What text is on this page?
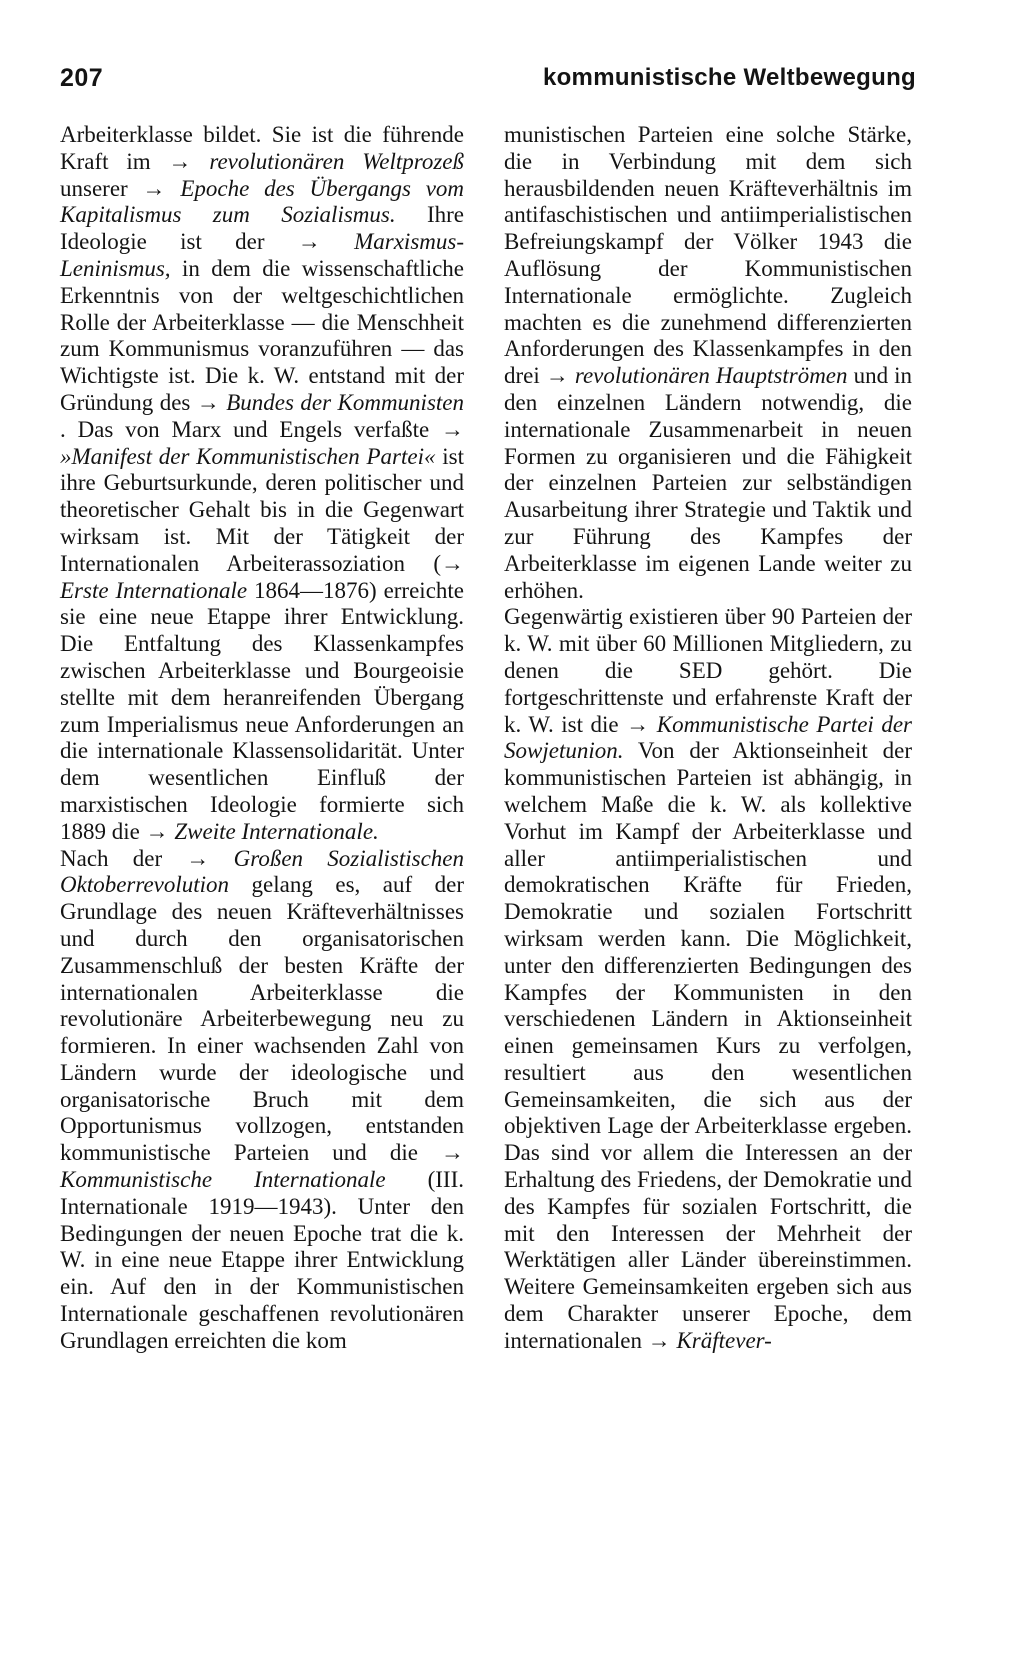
207	kommunistische Weltbewegung

Arbeiterklasse bildet. Sie ist die führende Kraft im → revolutionären Weltprozeß unserer → Epoche des Übergangs vom Kapitalismus zum Sozialismus. Ihre Ideologie ist der → Marxismus-Leninismus, in dem die wissenschaftliche Erkenntnis von der weltgeschichtlichen Rolle der Arbeiterklasse — die Menschheit zum Kommunismus voranzuführen — das Wichtigste ist. Die k. W. entstand mit der Gründung des → Bundes der Kommunisten . Das von Marx und Engels verfaßte → »Manifest der Kommunistischen Partei« ist ihre Geburtsurkunde, deren politischer und theoretischer Gehalt bis in die Gegenwart wirksam ist. Mit der Tätigkeit der Internationalen Arbeiterassoziation (→ Erste Internationale 1864—1876) erreichte sie eine neue Etappe ihrer Entwicklung. Die Entfaltung des Klassenkampfes zwischen Arbeiterklasse und Bourgeoisie stellte mit dem heranreifenden Übergang zum Imperialismus neue Anforderungen an die internationale Klassensolidarität. Unter dem wesentlichen Einfluß der marxistischen Ideologie formierte sich 1889 die → Zweite Internationale.

Nach der → Großen Sozialistischen Oktoberrevolution gelang es, auf der Grundlage des neuen Kräfteverhältnisses und durch den organisatorischen Zusammenschluß der besten Kräfte der internationalen Arbeiterklasse die revolutionäre Arbeiterbewegung neu zu formieren. In einer wachsenden Zahl von Ländern wurde der ideologische und organisatorische Bruch mit dem Opportunismus vollzogen, entstanden kommunistische Parteien und die → Kommunistische Internationale (III. Internationale 1919—1943). Unter den Bedingungen der neuen Epoche trat die k. W. in eine neue Etappe ihrer Entwicklung ein. Auf den in der Kommunistischen Internationale geschaffenen revolutionären Grundlagen erreichten die kom

munistischen Parteien eine solche Stärke, die in Verbindung mit dem sich herausbildenden neuen Kräfteverhältnis im antifaschistischen und antiimperialistischen Befreiungskampf der Völker 1943 die Auflösung der Kommunistischen Internationale ermöglichte. Zugleich machten es die zunehmend differenzierten Anforderungen des Klassenkampfes in den drei → revolutionären Hauptströmen und in den einzelnen Ländern notwendig, die internationale Zusammenarbeit in neuen Formen zu organisieren und die Fähigkeit der einzelnen Parteien zur selbständigen Ausarbeitung ihrer Strategie und Taktik und zur Führung des Kampfes der Arbeiterklasse im eigenen Lande weiter zu erhöhen.

Gegenwärtig existieren über 90 Parteien der k. W. mit über 60 Millionen Mitgliedern, zu denen die SED gehört. Die fortgeschrittenste und erfahrenste Kraft der k. W. ist die → Kommunistische Partei der Sowjetunion. Von der Aktionseinheit der kommunistischen Parteien ist abhängig, in welchem Maße die k. W. als kollektive Vorhut im Kampf der Arbeiterklasse und aller antiimperialistischen und demokratischen Kräfte für Frieden, Demokratie und sozialen Fortschritt wirksam werden kann. Die Möglichkeit, unter den differenzierten Bedingungen des Kampfes der Kommunisten in den verschiedenen Ländern in Aktionseinheit einen gemeinsamen Kurs zu verfolgen, resultiert aus den wesentlichen Gemeinsamkeiten, die sich aus der objektiven Lage der Arbeiterklasse ergeben. Das sind vor allem die Interessen an der Erhaltung des Friedens, der Demokratie und des Kampfes für sozialen Fortschritt, die mit den Interessen der Mehrheit der Werktätigen aller Länder übereinstimmen. Weitere Gemeinsamkeiten ergeben sich aus dem Charakter unserer Epoche, dem internationalen → Kräftever-
